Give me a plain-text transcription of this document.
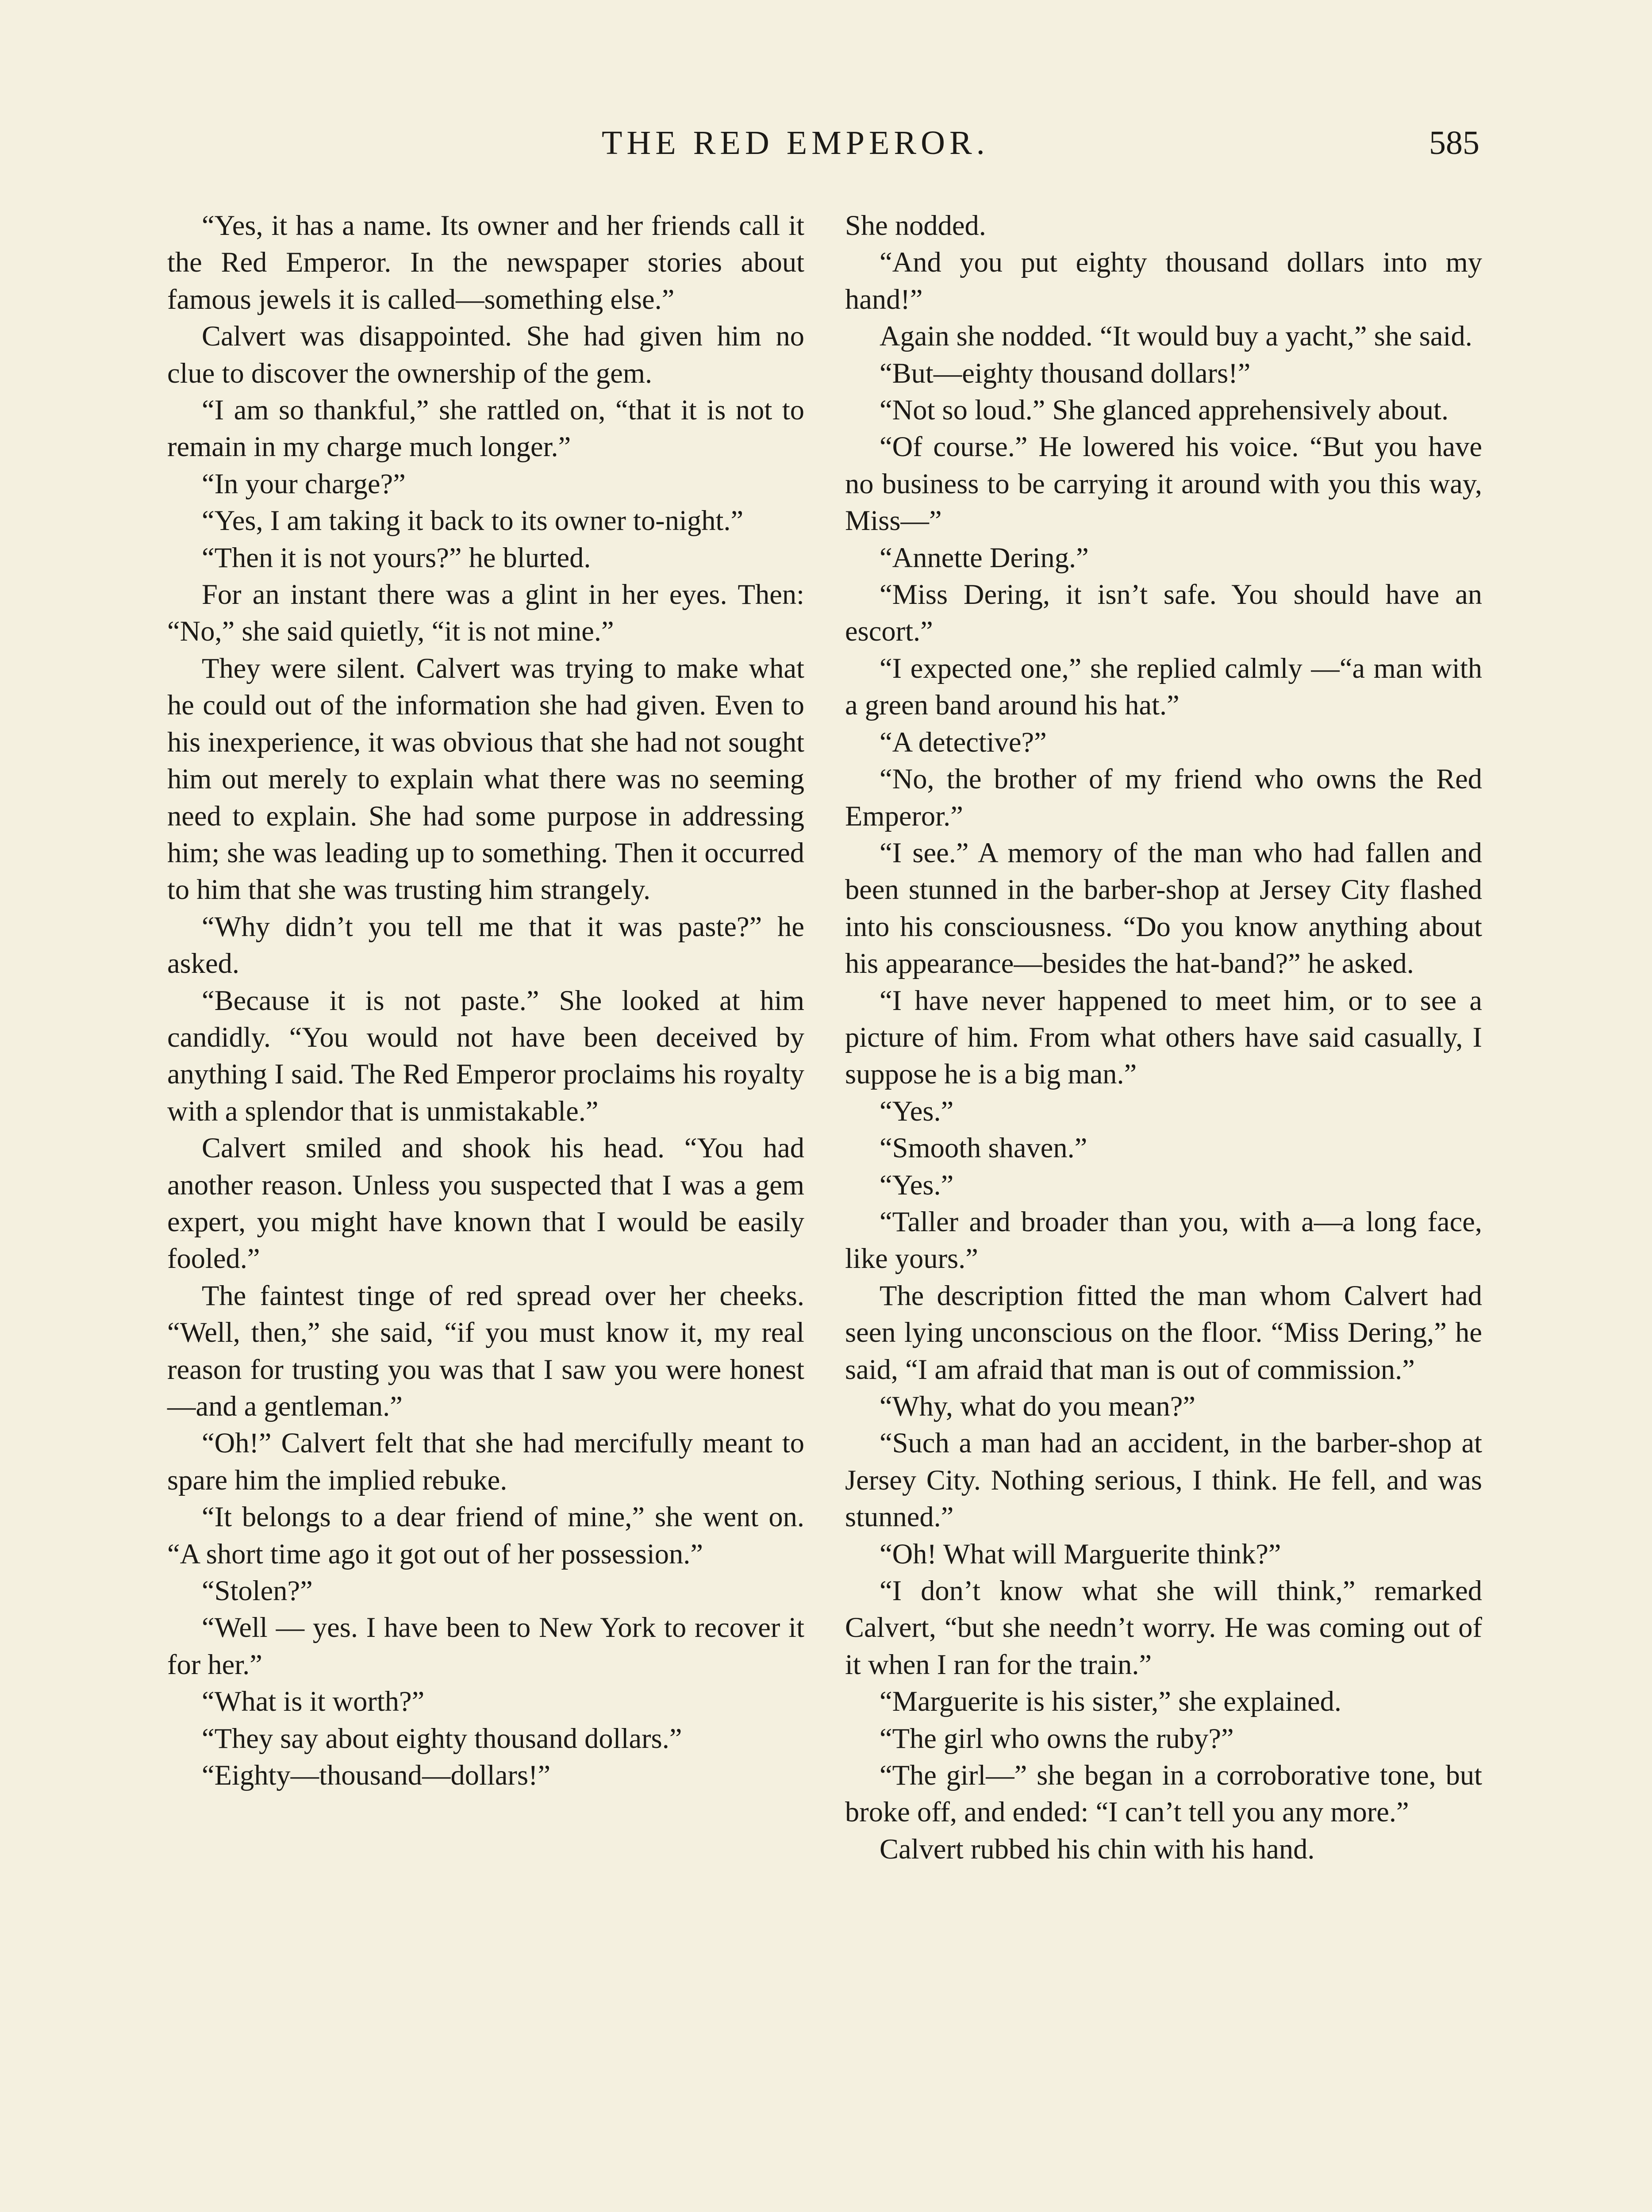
THE RED EMPEROR.	585

“Yes, it has a name. Its owner and her friends call it the Red Emperor. In the newspaper stories about famous jewels it is called—something else.”

Calvert was disappointed. She had given him no clue to discover the ownership of the gem.

“I am so thankful,” she rattled on, “that it is not to remain in my charge much longer.”

“In your charge?”

“Yes, I am taking it back to its owner to-night.”

“Then it is not yours?” he blurted.

For an instant there was a glint in her eyes. Then: “No,” she said quietly, “it is not mine.”

They were silent. Calvert was trying to make what he could out of the information she had given. Even to his inexperience, it was obvious that she had not sought him out merely to explain what there was no seeming need to explain. She had some purpose in addressing him; she was leading up to something. Then it occurred to him that she was trusting him strangely.

“Why didn’t you tell me that it was paste?” he asked.

“Because it is not paste.” She looked at him candidly. “You would not have been deceived by anything I said. The Red Emperor proclaims his royalty with a splendor that is unmistakable.”

Calvert smiled and shook his head. “You had another reason. Unless you suspected that I was a gem expert, you might have known that I would be easily fooled.”

The faintest tinge of red spread over her cheeks. “Well, then,” she said, “if you must know it, my real reason for trusting you was that I saw you were honest—and a gentleman.”

“Oh!” Calvert felt that she had mercifully meant to spare him the implied rebuke.

“It belongs to a dear friend of mine,” she went on. “A short time ago it got out of her possession.”

“Stolen?”

“Well — yes. I have been to New York to recover it for her.”

“What is it worth?”

“They say about eighty thousand dollars.”

“Eighty—thousand—dollars!”

She nodded.

“And you put eighty thousand dollars into my hand!”

Again she nodded. “It would buy a yacht,” she said.

“But—eighty thousand dollars!”

“Not so loud.” She glanced apprehensively about.

“Of course.” He lowered his voice. “But you have no business to be carrying it around with you this way, Miss—”

“Annette Dering.”

“Miss Dering, it isn’t safe. You should have an escort.”

“I expected one,” she replied calmly —“a man with a green band around his hat.”

“A detective?”

“No, the brother of my friend who owns the Red Emperor.”

“I see.” A memory of the man who had fallen and been stunned in the barber-shop at Jersey City flashed into his consciousness. “Do you know anything about his appearance—besides the hat-band?” he asked.

“I have never happened to meet him, or to see a picture of him. From what others have said casually, I suppose he is a big man.”

“Yes.”

“Smooth shaven.”

“Yes.”

“Taller and broader than you, with a—a long face, like yours.”

The description fitted the man whom Calvert had seen lying unconscious on the floor. “Miss Dering,” he said, “I am afraid that man is out of commission.”

“Why, what do you mean?”

“Such a man had an accident, in the barber-shop at Jersey City. Nothing serious, I think. He fell, and was stunned.”

“Oh! What will Marguerite think?”

“I don’t know what she will think,” remarked Calvert, “but she needn’t worry. He was coming out of it when I ran for the train.”

“Marguerite is his sister,” she explained.

“The girl who owns the ruby?”

“The girl—” she began in a corroborative tone, but broke off, and ended: “I can’t tell you any more.”

Calvert rubbed his chin with his hand.
